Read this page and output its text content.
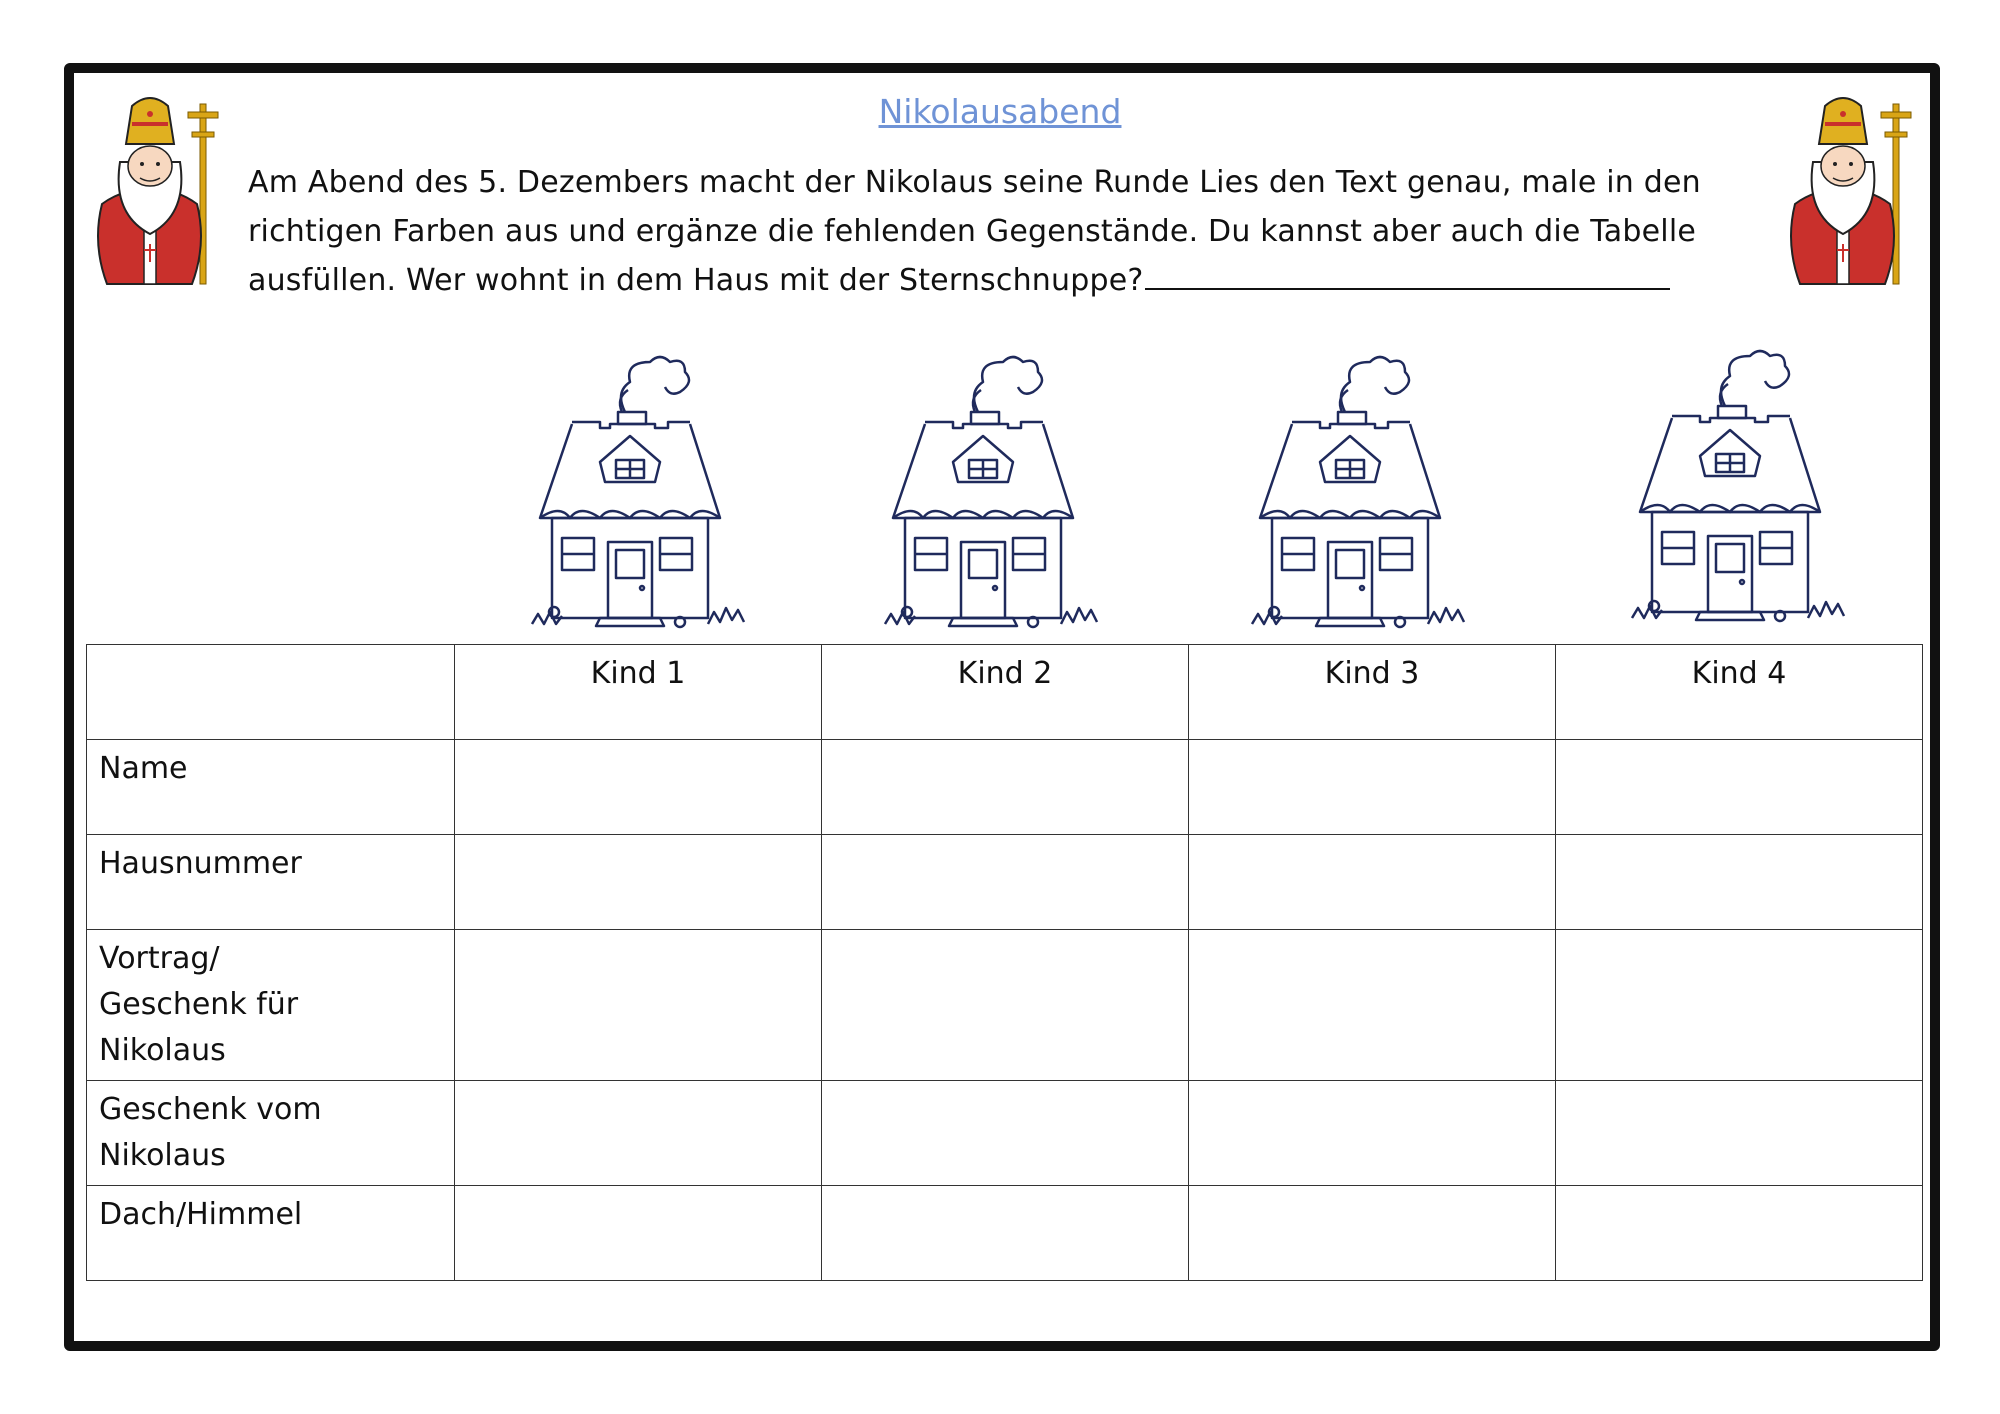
Nikolausabend
Am Abend des 5. Dezembers macht der Nikolaus seine Runde Lies den Text genau, male in den richtigen Farben aus und ergänze die fehlenden Gegenstände. Du kannst aber auch die Tabelle ausfüllen. Wer wohnt in dem Haus mit der Sternschnuppe?
	Kind 1	Kind 2	Kind 3	Kind 4

Name				

Hausnummer				

Vortrag/
Geschenk für
Nikolaus				

Geschenk vom
Nikolaus				

Dach/Himmel				
